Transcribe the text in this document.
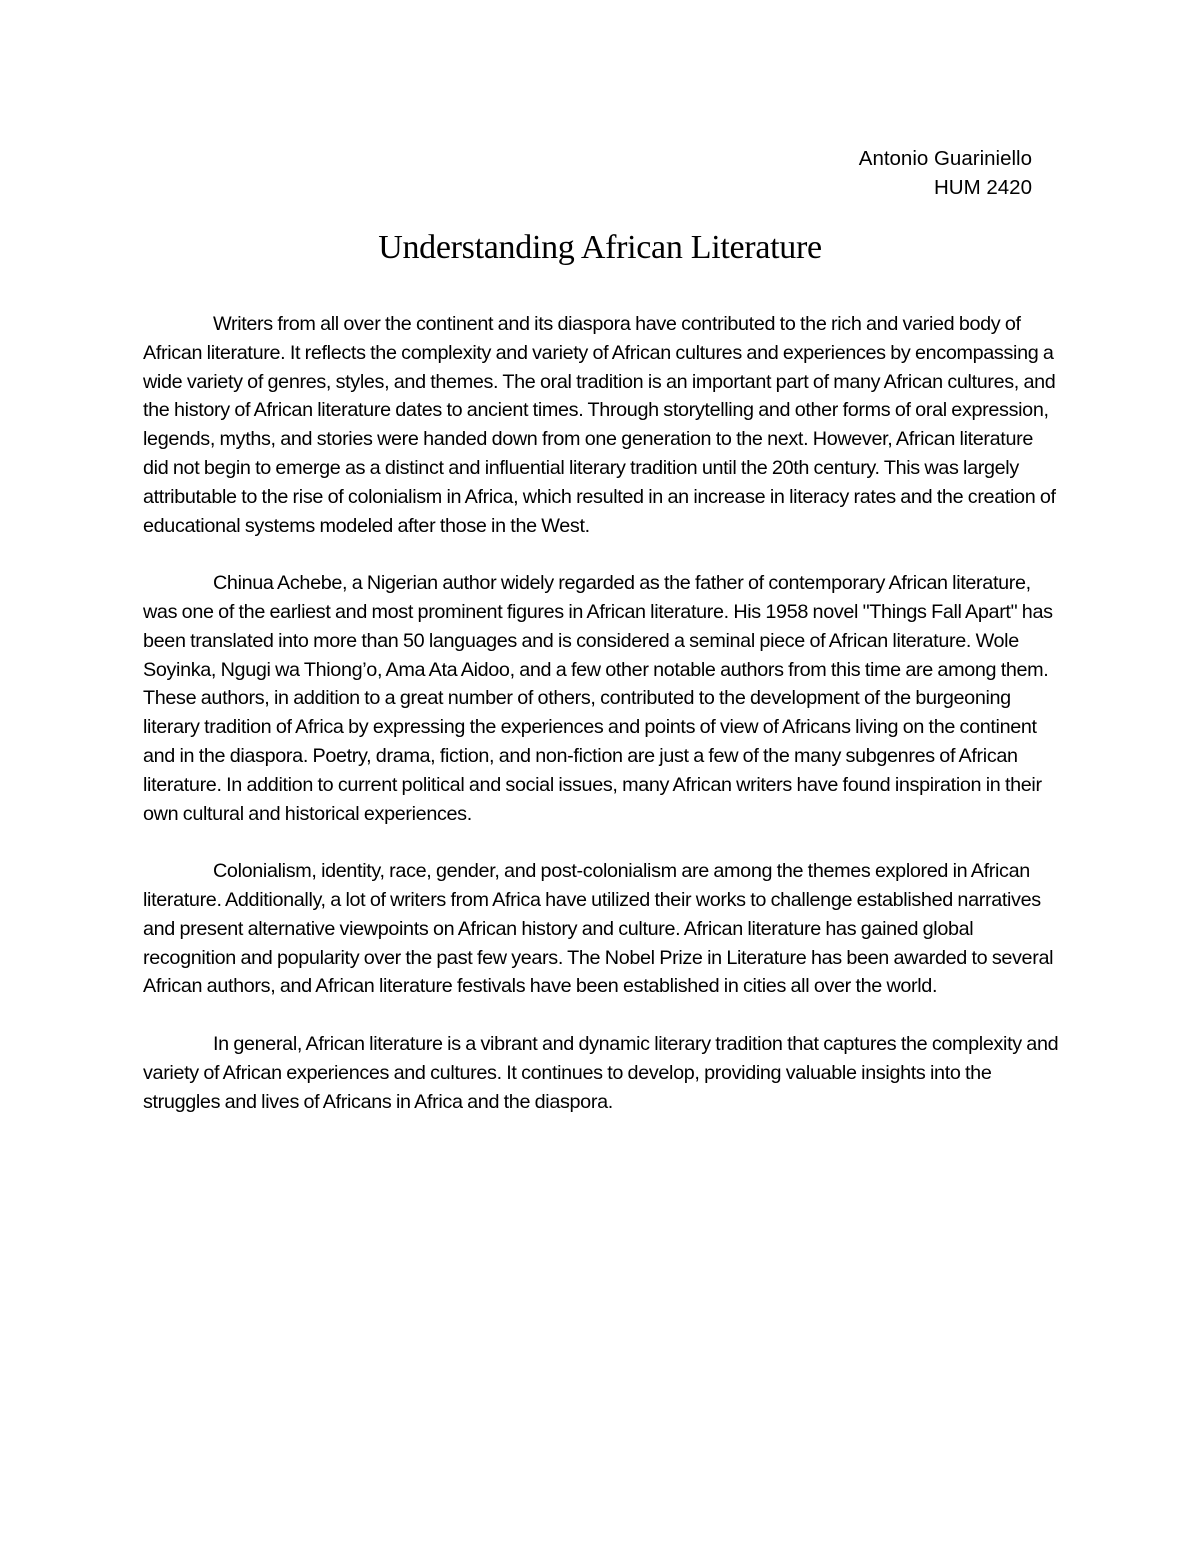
Antonio Guariniello
HUM 2420
Understanding African Literature

Writers from all over the continent and its diaspora have contributed to the rich and varied body of African literature. It reflects the complexity and variety of African cultures and experiences by encompassing a wide variety of genres, styles, and themes. The oral tradition is an important part of many African cultures, and the history of African literature dates to ancient times. Through storytelling and other forms of oral expression, legends, myths, and stories were handed down from one generation to the next. However, African literature did not begin to emerge as a distinct and influential literary tradition until the 20th century. This was largely attributable to the rise of colonialism in Africa, which resulted in an increase in literacy rates and the creation of educational systems modeled after those in the West.

Chinua Achebe, a Nigerian author widely regarded as the father of contemporary African literature, was one of the earliest and most prominent figures in African literature. His 1958 novel "Things Fall Apart" has been translated into more than 50 languages and is considered a seminal piece of African literature. Wole Soyinka, Ngugi wa Thiong’o, Ama Ata Aidoo, and a few other notable authors from this time are among them. These authors, in addition to a great number of others, contributed to the development of the burgeoning literary tradition of Africa by expressing the experiences and points of view of Africans living on the continent and in the diaspora. Poetry, drama, fiction, and non-fiction are just a few of the many subgenres of African literature. In addition to current political and social issues, many African writers have found inspiration in their own cultural and historical experiences.

Colonialism, identity, race, gender, and post-colonialism are among the themes explored in African literature. Additionally, a lot of writers from Africa have utilized their works to challenge established narratives and present alternative viewpoints on African history and culture. African literature has gained global recognition and popularity over the past few years. The Nobel Prize in Literature has been awarded to several African authors, and African literature festivals have been established in cities all over the world.

In general, African literature is a vibrant and dynamic literary tradition that captures the complexity and variety of African experiences and cultures. It continues to develop, providing valuable insights into the struggles and lives of Africans in Africa and the diaspora.
